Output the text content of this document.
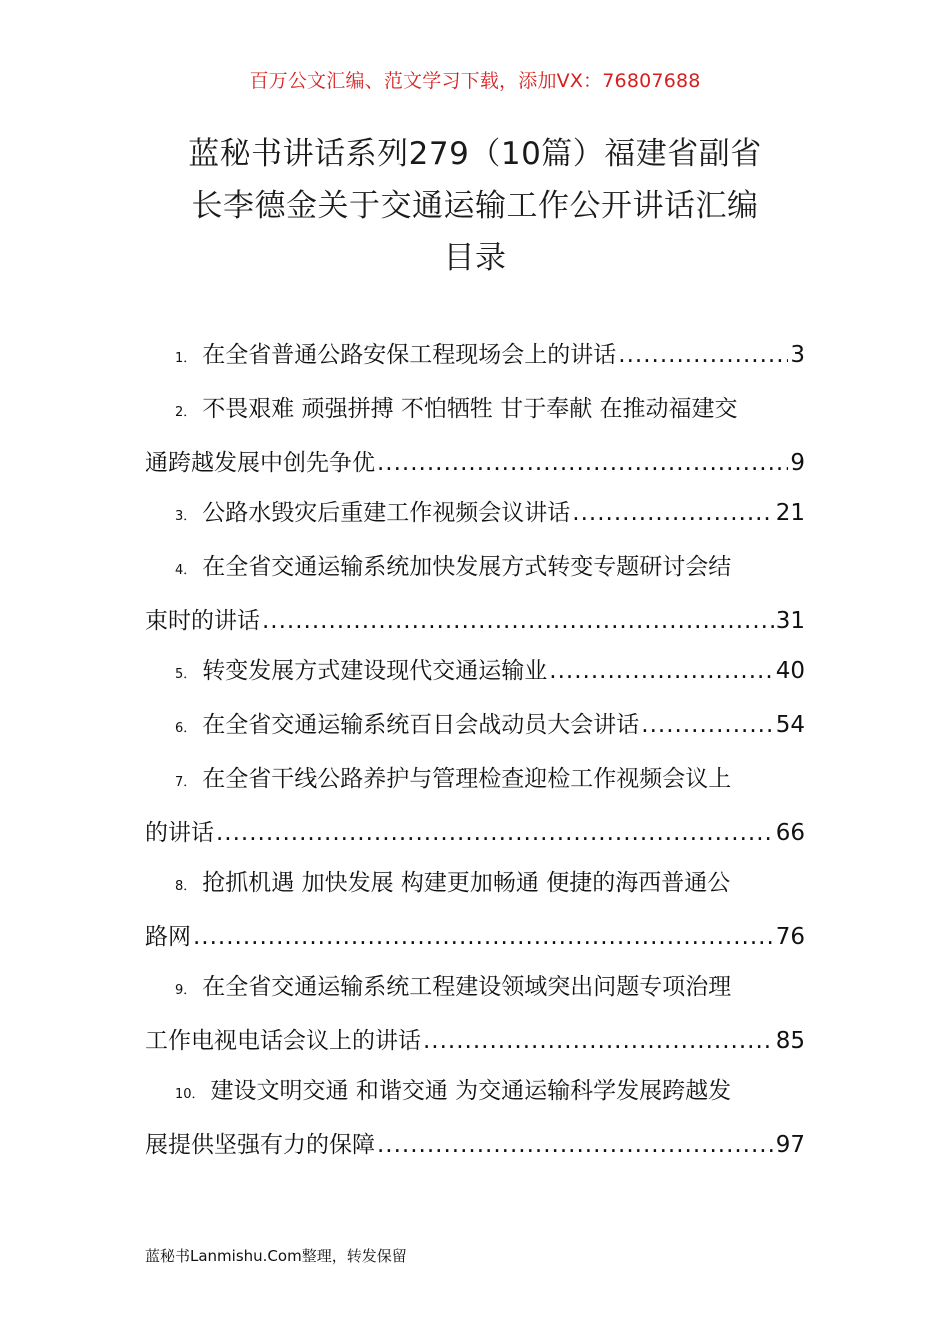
百万公文汇编、范文学习下载，添加VX：76807688
蓝秘书讲话系列279（10篇）福建省副省
长李德金关于交通运输工作公开讲话汇编
目录
1． 在全省普通公路安保工程现场会上的讲话 .....	3
2． 不畏艰难 顽强拼搏 不怕牺牲 甘于奉献 在推动福建交
通跨越发展中创先争优 .....	9
3． 公路水毁灾后重建工作视频会议讲话 .....	21
4． 在全省交通运输系统加快发展方式转变专题研讨会结
束时的讲话 .....	31
5． 转变发展方式建设现代交通运输业 .....	40
6． 在全省交通运输系统百日会战动员大会讲话 .....	54
7． 在全省干线公路养护与管理检查迎检工作视频会议上
的讲话 .....	66
8． 抢抓机遇 加快发展 构建更加畅通 便捷的海西普通公
路网 .....	76
9． 在全省交通运输系统工程建设领域突出问题专项治理
工作电视电话会议上的讲话 .....	85
10． 建设文明交通 和谐交通 为交通运输科学发展跨越发
展提供坚强有力的保障 .....	97
蓝秘书Lanmishu.Com整理，转发保留
